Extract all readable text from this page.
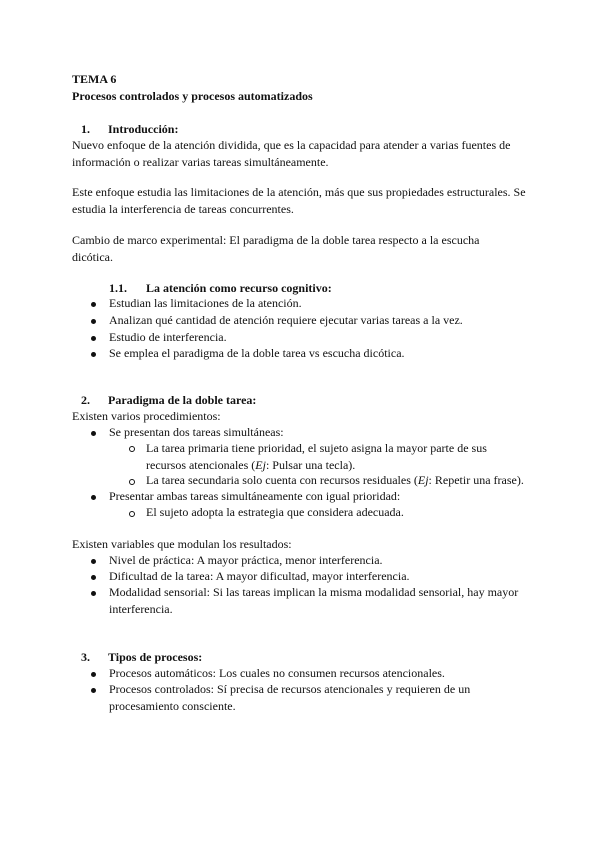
TEMA 6
Procesos controlados y procesos automatizados
1. Introducción:
Nuevo enfoque de la atención dividida, que es la capacidad para atender a varias fuentes de información o realizar varias tareas simultáneamente.
Este enfoque estudia las limitaciones de la atención, más que sus propiedades estructurales. Se estudia la interferencia de tareas concurrentes.
Cambio de marco experimental: El paradigma de la doble tarea respecto a la escucha dicótica.
1.1. La atención como recurso cognitivo:
Estudian las limitaciones de la atención.
Analizan qué cantidad de atención requiere ejecutar varias tareas a la vez.
Estudio de interferencia.
Se emplea el paradigma de la doble tarea vs escucha dicótica.
2. Paradigma de la doble tarea:
Existen varios procedimientos:
Se presentan dos tareas simultáneas:
La tarea primaria tiene prioridad, el sujeto asigna la mayor parte de sus recursos atencionales (Ej: Pulsar una tecla).
La tarea secundaria solo cuenta con recursos residuales (Ej: Repetir una frase).
Presentar ambas tareas simultáneamente con igual prioridad:
El sujeto adopta la estrategia que considera adecuada.
Existen variables que modulan los resultados:
Nivel de práctica: A mayor práctica, menor interferencia.
Dificultad de la tarea: A mayor dificultad, mayor interferencia.
Modalidad sensorial: Si las tareas implican la misma modalidad sensorial, hay mayor interferencia.
3. Tipos de procesos:
Procesos automáticos: Los cuales no consumen recursos atencionales.
Procesos controlados: Sí precisa de recursos atencionales y requieren de un procesamiento consciente.
